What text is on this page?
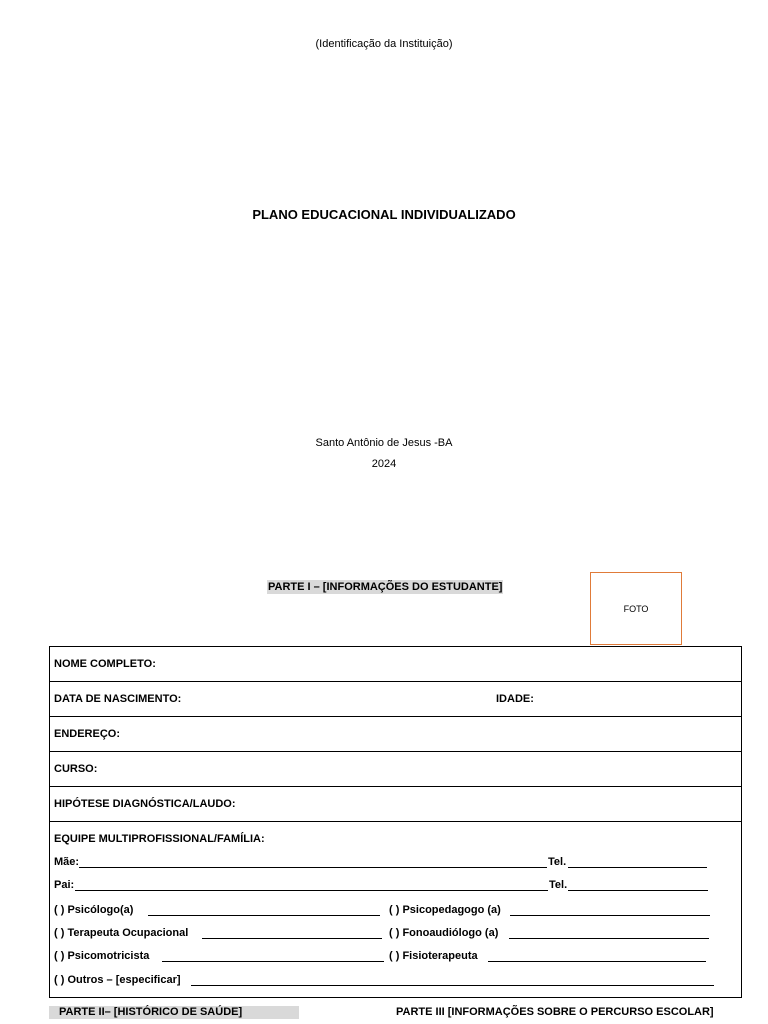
(Identificação da Instituição)
PLANO EDUCACIONAL INDIVIDUALIZADO
Santo Antônio de Jesus -BA
2024
PARTE I – [INFORMAÇÕES DO ESTUDANTE]
FOTO
NOME COMPLETO:
DATA DE NASCIMENTO:	IDADE:
ENDEREÇO:
CURSO:
HIPÓTESE DIAGNÓSTICA/LAUDO:
EQUIPE MULTIPROFISSIONAL/FAMÍLIA:
Mãe:	Tel.
Pai:	Tel.
( ) Psicólogo(a)	( ) Psicopedagogo (a)
( ) Terapeuta Ocupacional	( ) Fonoaudiólogo (a)
( ) Psicomotricista	( ) Fisioterapeuta
( ) Outros – [especificar]
PARTE II– [HISTÓRICO DE SAÚDE]	PARTE III [INFORMAÇÕES SOBRE O PERCURSO ESCOLAR]
